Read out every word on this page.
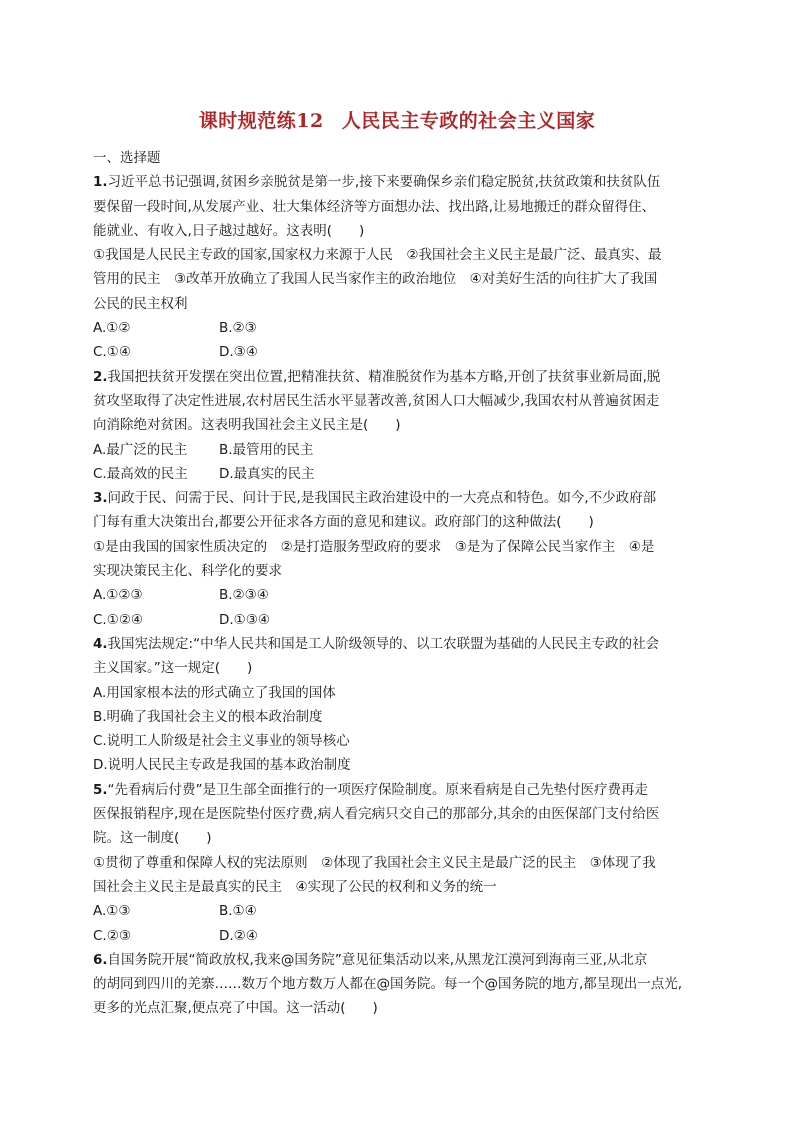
课时规范练12 人民民主专政的社会主义国家
一、选择题
1.习近平总书记强调,贫困乡亲脱贫是第一步,接下来要确保乡亲们稳定脱贫,扶贫政策和扶贫队伍
要保留一段时间,从发展产业、壮大集体经济等方面想办法、找出路,让易地搬迁的群众留得住、
能就业、有收入,日子越过越好。这表明(　　)
①我国是人民民主专政的国家,国家权力来源于人民　②我国社会主义民主是最广泛、最真实、最
管用的民主　③改革开放确立了我国人民当家作主的政治地位　④对美好生活的向往扩大了我国
公民的民主权利
A.①②	B.②③
C.①④	D.③④
2.我国把扶贫开发摆在突出位置,把精准扶贫、精准脱贫作为基本方略,开创了扶贫事业新局面,脱
贫攻坚取得了决定性进展,农村居民生活水平显著改善,贫困人口大幅减少,我国农村从普遍贫困走
向消除绝对贫困。这表明我国社会主义民主是(　　)
A.最广泛的民主	B.最管用的民主
C.最高效的民主	D.最真实的民主
3.问政于民、问需于民、问计于民,是我国民主政治建设中的一大亮点和特色。如今,不少政府部
门每有重大决策出台,都要公开征求各方面的意见和建议。政府部门的这种做法(　　)
①是由我国的国家性质决定的　②是打造服务型政府的要求　③是为了保障公民当家作主　④是
实现决策民主化、科学化的要求
A.①②③	B.②③④
C.①②④	D.①③④
4.我国宪法规定:“中华人民共和国是工人阶级领导的、以工农联盟为基础的人民民主专政的社会
主义国家。”这一规定(　　)
A.用国家根本法的形式确立了我国的国体
B.明确了我国社会主义的根本政治制度
C.说明工人阶级是社会主义事业的领导核心
D.说明人民民主专政是我国的基本政治制度
5.“先看病后付费”是卫生部全面推行的一项医疗保险制度。原来看病是自己先垫付医疗费再走
医保报销程序,现在是医院垫付医疗费,病人看完病只交自己的那部分,其余的由医保部门支付给医
院。这一制度(　　)
①贯彻了尊重和保障人权的宪法原则　②体现了我国社会主义民主是最广泛的民主　③体现了我
国社会主义民主是最真实的民主　④实现了公民的权利和义务的统一
A.①③	B.①④
C.②③	D.②④
6.自国务院开展“简政放权,我来@国务院”意见征集活动以来,从黑龙江漠河到海南三亚,从北京
的胡同到四川的羌寨……数万个地方数万人都在@国务院。每一个@国务院的地方,都呈现出一点光,
更多的光点汇聚,便点亮了中国。这一活动(　　)
